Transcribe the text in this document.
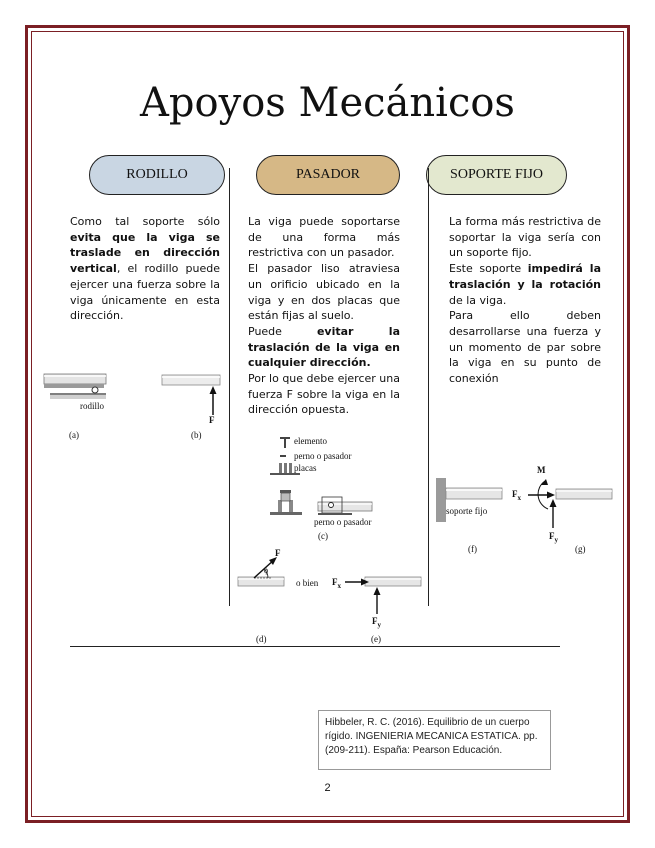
Apoyos Mecánicos
RODILLO	PASADOR	SOPORTE FIJO
Como tal soporte sólo evita que la viga se traslade en dirección vertical, el rodillo puede ejercer una fuerza sobre la viga únicamente en esta dirección.

La viga puede soportarse de una forma más restrictiva con un pasador.

El pasador liso atraviesa un orificio ubicado en la viga y en dos placas que están fijas al suelo.

Puede evitar la traslación de la viga en cualquier dirección.

Por lo que debe ejercer una fuerza F sobre la viga en la dirección opuesta.

La forma más restrictiva de soportar la viga sería con un soporte fijo.

Este soporte impedirá la traslación y la rotación de la viga.

Para ello deben desarrollarse una fuerza y un momento de par sobre la viga en su punto de conexión

rodillo
(a)
F
(b)
elemento
perno o pasador
placas
perno o pasador
(c)
F
ϕ
o bien
(d)
$F_x$
$F_y$
(e)
soporte fijo
(f)
M
$F_x$
$F_y$
(g)
Hibbeler, R. C. (2016). Equilibrio de un cuerpo rígido. INGENIERIA MECANICA ESTATICA. pp. (209-211). España: Pearson Educación.
2
